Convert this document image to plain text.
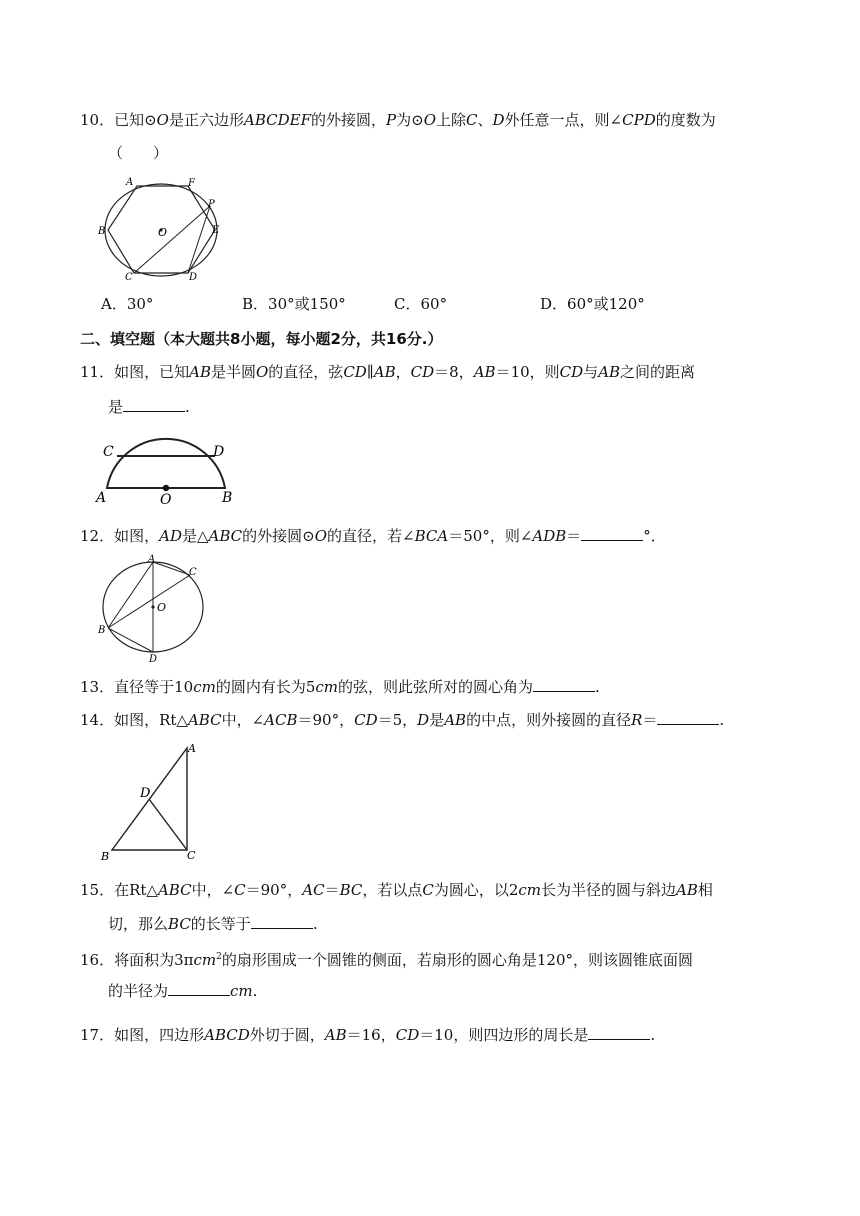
10．已知⊙O是正六边形ABCDEF的外接圆，P为⊙O上除C、D外任意一点，则∠CPD的度数为
（　　）
A	F
P
E
B	O
C	D
A．30°	B．30°或150°	C．60°	D．60°或120°
二、填空题（本大题共8小题，每小题2分，共16分.）
11．如图，已知AB是半圆O的直径，弦CD∥AB，CD＝8，AB＝10，则CD与AB之间的距离
是	.
C	D
A	O	B
12．如图，AD是△ABC的外接圆⊙O的直径，若∠BCA＝50°，则∠ADB＝	°．
A
C
O
B
D
13．直径等于10cm的圆内有长为5cm的弦，则此弦所对的圆心角为	.
14．如图，Rt△ABC中，∠ACB＝90°，CD＝5，D是AB的中点，则外接圆的直径R＝	.
A
D
B	C
15．在Rt△ABC中，∠C＝90°，AC＝BC，若以点C为圆心，以2cm长为半径的圆与斜边AB相
切，那么BC的长等于	.
16．将面积为3πcm$^2$的扇形围成一个圆锥的侧面，若扇形的圆心角是120°，则该圆锥底面圆
的半径为	cm.
17．如图，四边形ABCD外切于圆，AB＝16，CD＝10，则四边形的周长是	.
